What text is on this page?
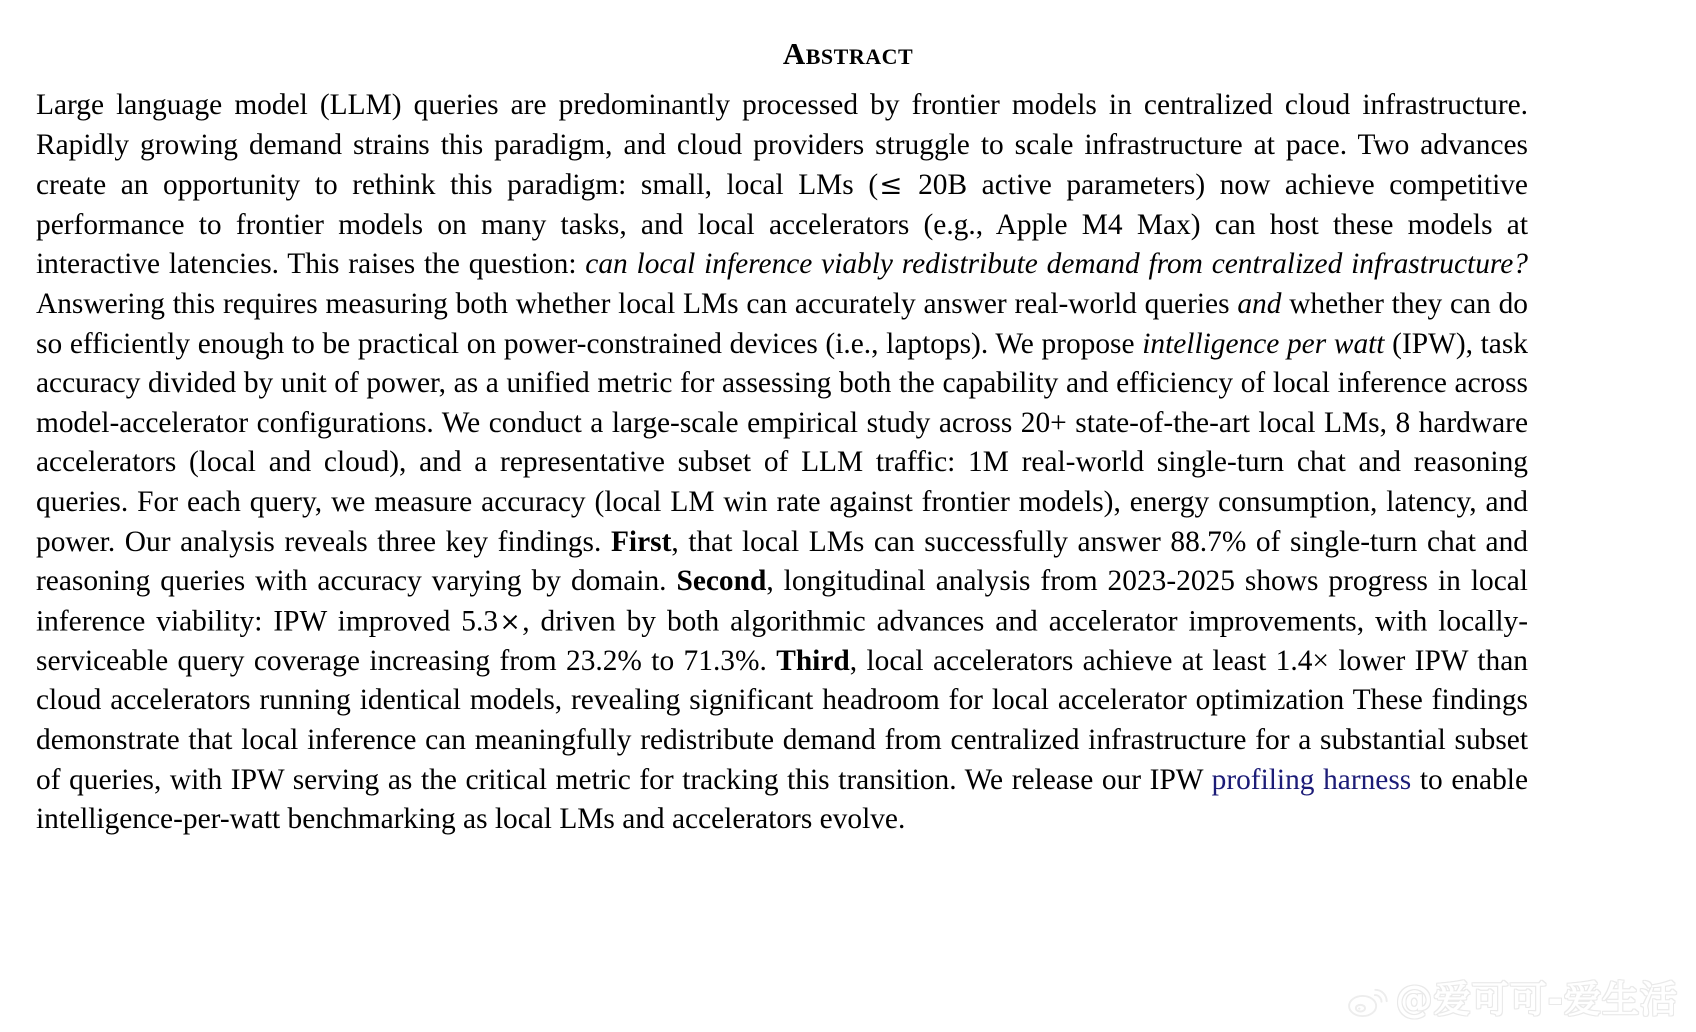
Abstract
Large language model (LLM) queries are predominantly processed by frontier models in centralized cloud infrastructure. Rapidly growing demand strains this paradigm, and cloud providers struggle to scale infrastructure at pace. Two advances create an opportunity to rethink this paradigm: small, local LMs (≤ 20B active parameters) now achieve competitive performance to frontier models on many tasks, and local accelerators (e.g., Apple M4 Max) can host these models at interactive latencies. This raises the question: can local inference viably redistribute demand from centralized infrastructure? Answering this requires measuring both whether local LMs can accurately answer real-world queries and whether they can do so efficiently enough to be practical on power-constrained devices (i.e., laptops). We propose intelligence per watt (IPW), task accuracy divided by unit of power, as a unified metric for assessing both the capability and efficiency of local inference across model-accelerator configurations. We conduct a large-scale empirical study across 20+ state-of-the-art local LMs, 8 hardware accelerators (local and cloud), and a representative subset of LLM traffic: 1M real-world single-turn chat and reasoning queries. For each query, we measure accuracy (local LM win rate against frontier models), energy consumption, latency, and power. Our analysis reveals three key findings. First, that local LMs can successfully answer 88.7% of single-turn chat and reasoning queries with accuracy varying by domain. Second, longitudinal analysis from 2023-2025 shows progress in local inference viability: IPW improved 5.3×, driven by both algorithmic advances and accelerator improvements, with locally-serviceable query coverage increasing from 23.2% to 71.3%. Third, local accelerators achieve at least 1.4× lower IPW than cloud accelerators running identical models, revealing significant headroom for local accelerator optimization These findings demonstrate that local inference can meaningfully redistribute demand from centralized infrastructure for a substantial subset of queries, with IPW serving as the critical metric for tracking this transition. We release our IPW profiling harness to enable intelligence-per-watt benchmarking as local LMs and accelerators evolve.
@爱可可-爱生活
